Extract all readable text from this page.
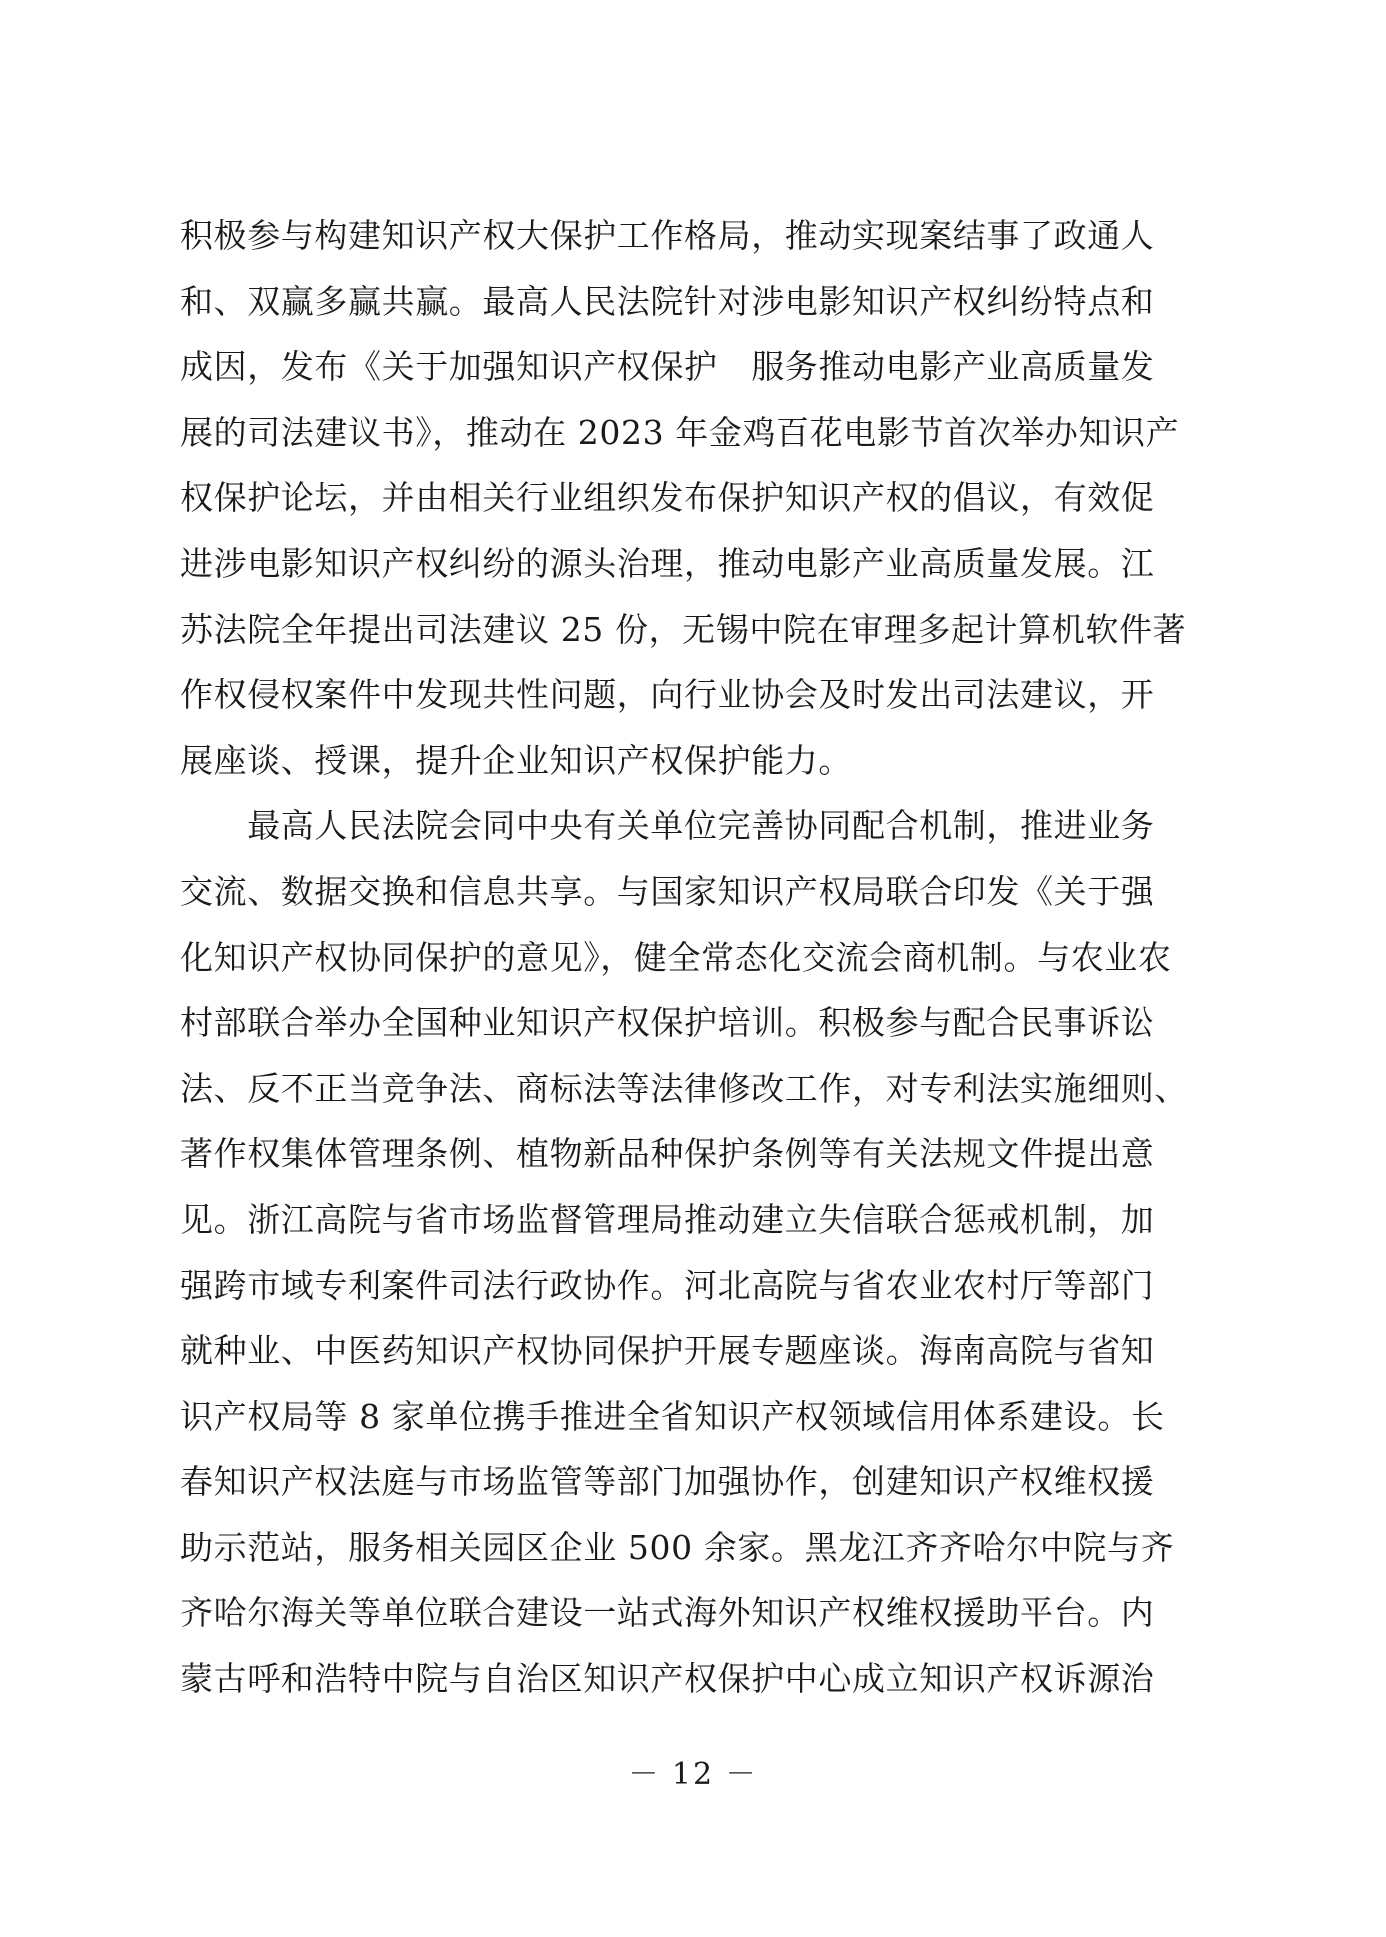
积极参与构建知识产权大保护工作格局，推动实现案结事了政通人
和、双赢多赢共赢。最高人民法院针对涉电影知识产权纠纷特点和
成因，发布《关于加强知识产权保护　服务推动电影产业高质量发
展的司法建议书》，推动在 2023 年金鸡百花电影节首次举办知识产
权保护论坛，并由相关行业组织发布保护知识产权的倡议，有效促
进涉电影知识产权纠纷的源头治理，推动电影产业高质量发展。江
苏法院全年提出司法建议 25 份，无锡中院在审理多起计算机软件著
作权侵权案件中发现共性问题，向行业协会及时发出司法建议，开
展座谈、授课，提升企业知识产权保护能力。
　　最高人民法院会同中央有关单位完善协同配合机制，推进业务
交流、数据交换和信息共享。与国家知识产权局联合印发《关于强
化知识产权协同保护的意见》，健全常态化交流会商机制。与农业农
村部联合举办全国种业知识产权保护培训。积极参与配合民事诉讼
法、反不正当竞争法、商标法等法律修改工作，对专利法实施细则、
著作权集体管理条例、植物新品种保护条例等有关法规文件提出意
见。浙江高院与省市场监督管理局推动建立失信联合惩戒机制，加
强跨市域专利案件司法行政协作。河北高院与省农业农村厅等部门
就种业、中医药知识产权协同保护开展专题座谈。海南高院与省知
识产权局等 8 家单位携手推进全省知识产权领域信用体系建设。长
春知识产权法庭与市场监管等部门加强协作，创建知识产权维权援
助示范站，服务相关园区企业 500 余家。黑龙江齐齐哈尔中院与齐
齐哈尔海关等单位联合建设一站式海外知识产权维权援助平台。内
蒙古呼和浩特中院与自治区知识产权保护中心成立知识产权诉源治
－ 12 －
